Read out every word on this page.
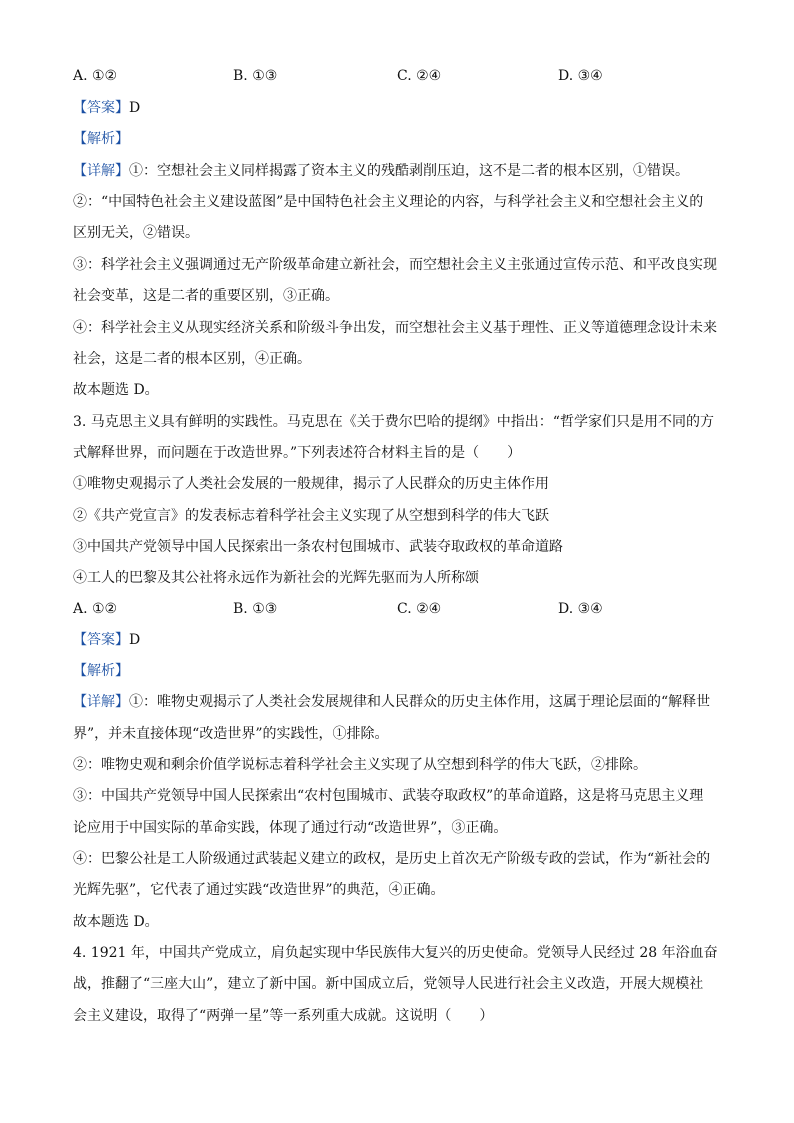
A. ①②	B. ①③	C. ②④	D. ③④
【答案】D
【解析】
【详解】①：空想社会主义同样揭露了资本主义的残酷剥削压迫，这不是二者的根本区别，①错误。
②：“中国特色社会主义建设蓝图”是中国特色社会主义理论的内容，与科学社会主义和空想社会主义的
区别无关，②错误。
③：科学社会主义强调通过无产阶级革命建立新社会，而空想社会主义主张通过宣传示范、和平改良实现
社会变革，这是二者的重要区别，③正确。
④：科学社会主义从现实经济关系和阶级斗争出发，而空想社会主义基于理性、正义等道德理念设计未来
社会，这是二者的根本区别，④正确。
故本题选 D。
3. 马克思主义具有鲜明的实践性。马克思在《关于费尔巴哈的提纲》中指出：“哲学家们只是用不同的方
式解释世界，而问题在于改造世界。”下列表述符合材料主旨的是（　　）
①唯物史观揭示了人类社会发展的一般规律，揭示了人民群众的历史主体作用
②《共产党宣言》的发表标志着科学社会主义实现了从空想到科学的伟大飞跃
③中国共产党领导中国人民探索出一条农村包围城市、武装夺取政权的革命道路
④工人的巴黎及其公社将永远作为新社会的光辉先驱而为人所称颂
A. ①②	B. ①③	C. ②④	D. ③④
【答案】D
【解析】
【详解】①：唯物史观揭示了人类社会发展规律和人民群众的历史主体作用，这属于理论层面的“解释世
界”，并未直接体现“改造世界”的实践性，①排除。
②：唯物史观和剩余价值学说标志着科学社会主义实现了从空想到科学的伟大飞跃，②排除。
③：中国共产党领导中国人民探索出“农村包围城市、武装夺取政权”的革命道路，这是将马克思主义理
论应用于中国实际的革命实践，体现了通过行动“改造世界”，③正确。
④：巴黎公社是工人阶级通过武装起义建立的政权，是历史上首次无产阶级专政的尝试，作为“新社会的
光辉先驱”，它代表了通过实践“改造世界”的典范，④正确。
故本题选 D。
4. 1921 年，中国共产党成立，肩负起实现中华民族伟大复兴的历史使命。党领导人民经过 28 年浴血奋
战，推翻了“三座大山”，建立了新中国。新中国成立后，党领导人民进行社会主义改造，开展大规模社
会主义建设，取得了“两弹一星”等一系列重大成就。这说明（　　）
